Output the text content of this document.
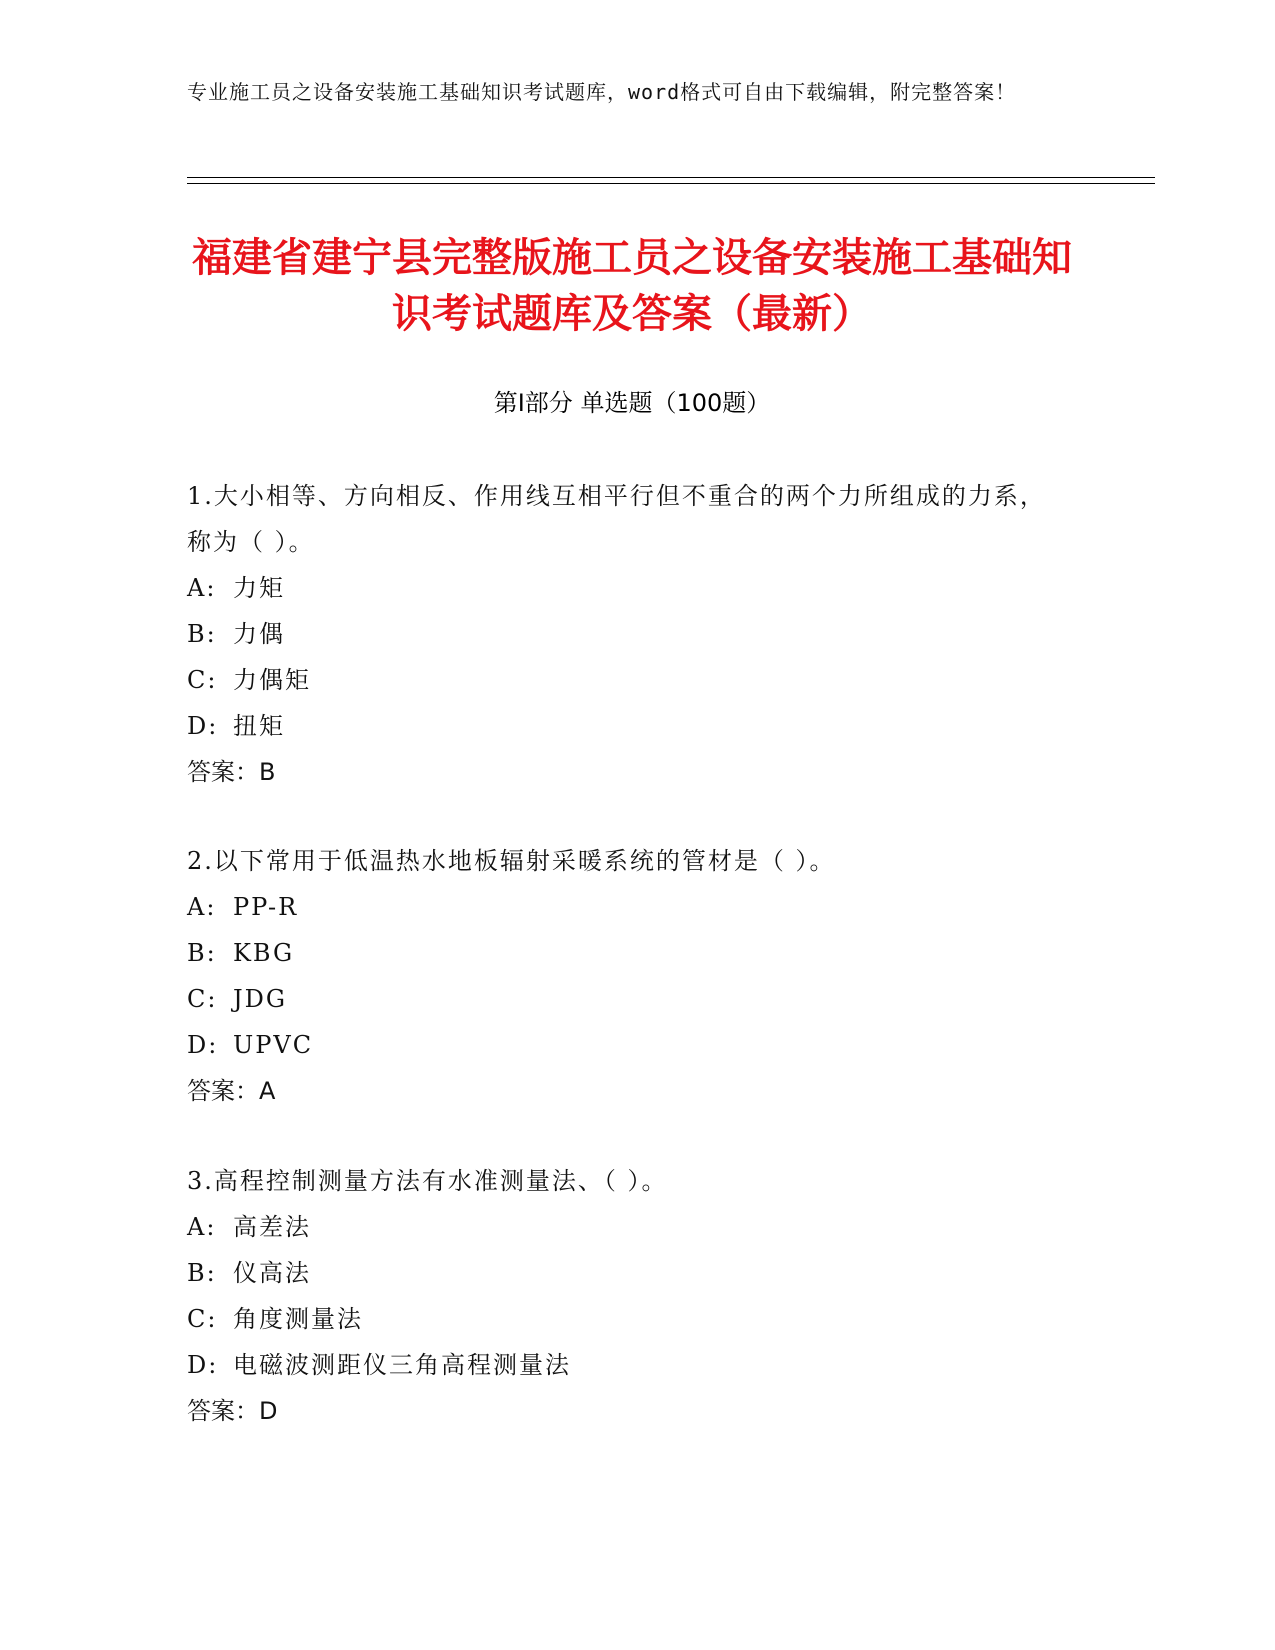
专业施工员之设备安装施工基础知识考试题库，word格式可自由下载编辑，附完整答案！
福建省建宁县完整版施工员之设备安装施工基础知识考试题库及答案（最新）
第Ⅰ部分 单选题（100题）
1.大小相等、方向相反、作用线互相平行但不重合的两个力所组成的力系，称为（ ）。
A: 力矩
B: 力偶
C: 力偶矩
D: 扭矩
答案：B
2.以下常用于低温热水地板辐射采暖系统的管材是（ ）。
A: PP-R
B: KBG
C: JDG
D: UPVC
答案：A
3.高程控制测量方法有水准测量法、（ ）。
A: 高差法
B: 仪高法
C: 角度测量法
D: 电磁波测距仪三角高程测量法
答案：D
